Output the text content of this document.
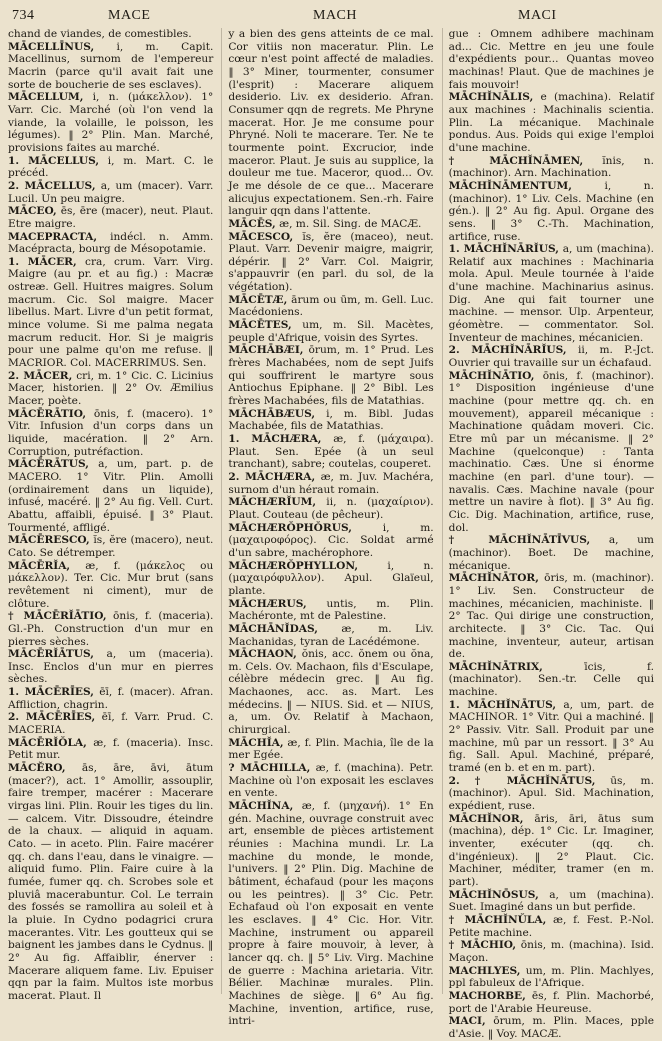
734	MACE	MACH	MACI

chand de viandes, de comestibles.

MĀCELLĪNUS, i, m. Capit. Macellinus, surnom de l'empereur Macrin (parce qu'il avait fait une sorte de boucherie de ses esclaves).

MĀCELLUM, i, n. (μάκελλον). 1° Varr. Cic. Marché (où l'on vend la viande, la volaille, le poisson, les légumes). ‖ 2° Plin. Man. Marché, provisions faites au marché.

1. MĀCELLUS, i, m. Mart. C. le précéd.

2. MĀCELLUS, a, um (macer). Varr. Lucil. Un peu maigre.

MĀCEO, ēs, ēre (macer), neut. Plaut. Etre maigre.

MACEPRACTA, indécl. n. Amm. Macépracta, bourg de Mésopotamie.

1. MĀCER, cra, crum. Varr. Virg. Maigre (au pr. et au fig.) : Macræ ostreæ. Gell. Huitres maigres. Solum macrum. Cic. Sol maigre. Macer libellus. Mart. Livre d'un petit format, mince volume. Si me palma negata macrum reducit. Hor. Si je maigris pour une palme qu'on me refuse. ‖ MACRIOR. Col. MACERRIMUS. Sen.

2. MĀCER, cri, m. 1° Cic. C. Licinius Macer, historien. ‖ 2° Ov. Æmilius Macer, poète.

MĀCĒRĀTIO, ōnis, f. (macero). 1° Vitr. Infusion d'un corps dans un liquide, macération. ‖ 2° Arn. Corruption, putréfaction.

MĀCĒRĀTUS, a, um, part. p. de MACERO. 1° Vitr. Plin. Amolli (ordinairement dans un liquide), infusé, macéré. ‖ 2° Au fig. Vell. Curt. Abattu, affaibli, épuisé. ‖ 3° Plaut. Tourmenté, affligé.

MĀCĒRESCO, ĭs, ĕre (macero), neut. Cato. Se détremper.

MĀCĒRĬA, æ, f. (μάκελος ou μάκελλον). Ter. Cic. Mur brut (sans revêtement ni ciment), mur de clôture.

† MĀCĒRĬĀTIO, ōnis, f. (maceria). Gl.-Ph. Construction d'un mur en pierres sèches.

MĀCĒRĬĀTUS, a, um (maceria). Insc. Enclos d'un mur en pierres sèches.

1. MĀCĒRĪES, ēī, f. (macer). Afran. Affliction, chagrin.

2. MĀCĒRĪES, ēī, f. Varr. Prud. C. MACERIA.

MĀCĒRĬŎLA, æ, f. (maceria). Insc. Petit mur.

MĀCĔRO, ās, āre, āvi, ātum (macer?), act. 1° Amollir, assouplir, faire tremper, macérer : Macerare virgas lini. Plin. Rouir les tiges du lin. — calcem. Vitr. Dissoudre, éteindre de la chaux. — aliquid in aquam. Cato. — in aceto. Plin. Faire macérer qq. ch. dans l'eau, dans le vinaigre. — aliquid fumo. Plin. Faire cuire à la fumée, fumer qq. ch. Scrobes sole et pluviâ macerabuntur. Col. Le terrain des fossés se ramollira au soleil et à la pluie. In Cydno podagrici crura macerantes. Vitr. Les goutteux qui se baignent les jambes dans le Cydnus. ‖ 2° Au fig. Affaiblir, énerver : Macerare aliquem fame. Liv. Epuiser qqn par la faim. Multos iste morbus macerat. Plaut. Il

y a bien des gens atteints de ce mal. Cor vitiis non maceratur. Plin. Le cœur n'est point affecté de maladies. ‖ 3° Miner, tourmenter, consumer (l'esprit) : Macerare aliquem desiderio. Liv. ex desiderio. Afran. Consumer qqn de regrets. Me Phryne macerat. Hor. Je me consume pour Phryné. Noli te macerare. Ter. Ne te tourmente point. Excrucior, inde maceror. Plaut. Je suis au supplice, la douleur me tue. Maceror, quod... Ov. Je me désole de ce que... Macerare alicujus expectationem. Sen.-rh. Faire languir qqn dans l'attente.

MĀCĒS, æ, m. Sil. Sing. de MACÆ.

MĀCESCO, ĭs, ĕre (maceo), neut. Plaut. Varr. Devenir maigre, maigrir, dépérir. ‖ 2° Varr. Col. Maigrir, s'appauvrir (en parl. du sol, de la végétation).

MĀCĒTÆ, ārum ou ūm, m. Gell. Luc. Macédoniens.

MĀCĒTES, um, m. Sil. Macètes, peuple d'Afrique, voisin des Syrtes.

MĀCHĀBÆI, ōrum, m. 1° Prud. Les frères Machabées, nom de sept Juifs qui souffrirent le martyre sous Antiochus Epiphane. ‖ 2° Bibl. Les frères Machabées, fils de Matathias.

MĀCHĀBÆUS, i, m. Bibl. Judas Machabée, fils de Matathias.

1. MĀCHÆRA, æ, f. (μάχαιρα). Plaut. Sen. Epée (à un seul tranchant), sabre; coutelas, couperet.

2. MĀCHÆRA, æ, m. Juv. Machéra, surnom d'un héraut romain.

MĀCHÆRĬUM, ii, n. (μαχαίριον). Plaut. Couteau (de pêcheur).

MĀCHÆRŎPHŎRUS, i, m. (μαχαιροφόρος). Cic. Soldat armé d'un sabre, machérophore.

MĀCHÆRŎPHYLLON, i, n. (μαχαιρόφυλλον). Apul. Glaïeul, plante.

MĀCHÆRUS, untis, m. Plin. Machéronte, mt de Palestine.

MĀCHĀNĬDAS, æ, m. Liv. Machanidas, tyran de Lacédémone.

MĀCHAON, ŏnis, acc. ŏnem ou ŏna, m. Cels. Ov. Machaon, fils d'Esculape, célèbre médecin grec. ‖ Au fig. Machaones, acc. as. Mart. Les médecins. ‖ — NIUS. Sid. et — NIUS, a, um. Ov. Relatif à Machaon, chirurgical.

MĀCHĬA, æ, f. Plin. Machia, île de la mer Egée.

? MĀCHILLA, æ, f. (machina). Petr. Machine où l'on exposait les esclaves en vente.

MĀCHĬNA, æ, f. (μηχανή). 1° En gén. Machine, ouvrage construit avec art, ensemble de pièces artistement réunies : Machina mundi. Lr. La machine du monde, le monde, l'univers. ‖ 2° Plin. Dig. Machine de bâtiment, échafaud (pour les maçons ou les peintres). ‖ 3° Cic. Petr. Echafaud où l'on exposait en vente les esclaves. ‖ 4° Cic. Hor. Vitr. Machine, instrument ou appareil propre à faire mouvoir, à lever, à lancer qq. ch. ‖ 5° Liv. Virg. Machine de guerre : Machina arietaria. Vitr. Bélier. Machinæ murales. Plin. Machines de siège. ‖ 6° Au fig. Machine, invention, artifice, ruse, intri-

gue : Omnem adhibere machinam ad... Cic. Mettre en jeu une foule d'expédients pour... Quantas moveo machinas! Plaut. Que de machines je fais mouvoir!

MĀCHĬNĀLIS, e (machina). Relatif aux machines : Machinalis scientia. Plin. La mécanique. Machinale pondus. Aus. Poids qui exige l'emploi d'une machine.

† MĀCHĬNĀMEN, ĭnis, n. (machinor). Arn. Machination.

MĀCHĬNĀMENTUM, i, n. (machinor). 1° Liv. Cels. Machine (en gén.). ‖ 2° Au fig. Apul. Organe des sens. ‖ 3° C.-Th. Machination, artifice, ruse.

1. MĀCHĬNĀRĬUS, a, um (machina). Relatif aux machines : Machinaria mola. Apul. Meule tournée à l'aide d'une machine. Machinarius asinus. Dig. Ane qui fait tourner une machine. — mensor. Ulp. Arpenteur, géomètre. — commentator. Sol. Inventeur de machines, mécanicien.

2. MĀCHĬNĀRĬUS, ii, m. P.-Jct. Ouvrier qui travaille sur un échafaud.

MĀCHĬNĀTIO, ōnis, f. (machinor). 1° Disposition ingénieuse d'une machine (pour mettre qq. ch. en mouvement), appareil mécanique : Machinatione quâdam moveri. Cic. Etre mû par un mécanisme. ‖ 2° Machine (quelconque) : Tanta machinatio. Cæs. Une si énorme machine (en parl. d'une tour). — navalis. Cæs. Machine navale (pour mettre un navire à flot). ‖ 3° Au fig. Cic. Dig. Machination, artifice, ruse, dol.

† MĀCHĬNĀTĪVUS, a, um (machinor). Boet. De machine, mécanique.

MĀCHĬNĀTOR, ōris, m. (machinor). 1° Liv. Sen. Constructeur de machines, mécanicien, machiniste. ‖ 2° Tac. Qui dirige une construction, architecte. ‖ 3° Cic. Tac. Qui machine, inventeur, auteur, artisan de.

MĀCHĬNĀTRIX, īcis, f. (machinator). Sen.-tr. Celle qui machine.

1. MĀCHĬNĀTUS, a, um, part. de MACHINOR. 1° Vitr. Qui a machiné. ‖ 2° Passiv. Vitr. Sall. Produit par une machine, mû par un ressort. ‖ 3° Au fig. Sall. Apul. Machiné, préparé, tramé (en b. et en m. part).

2. † MĀCHĬNĀTUS, ūs, m. (machinor). Apul. Sid. Machination, expédient, ruse.

MĀCHĬNOR, āris, āri, ātus sum (machina), dép. 1° Cic. Lr. Imaginer, inventer, exécuter (qq. ch. d'ingénieux). ‖ 2° Plaut. Cic. Machiner, méditer, tramer (en m. part).

MĀCHĬNŌSUS, a, um (machina). Suet. Imaginé dans un but perfide.

† MĀCHĬNŬLA, æ, f. Fest. P.-Nol. Petite machine.

† MĀCHIO, ōnis, m. (machina). Isid. Maçon.

MACHLYES, um, m. Plin. Machlyes, ppl fabuleux de l'Afrique.

MACHORBE, ēs, f. Plin. Machorbé, port de l'Arabie Heureuse.

MACI, ōrum, m. Plin. Maces, pple d'Asie. ‖ Voy. MACÆ.
